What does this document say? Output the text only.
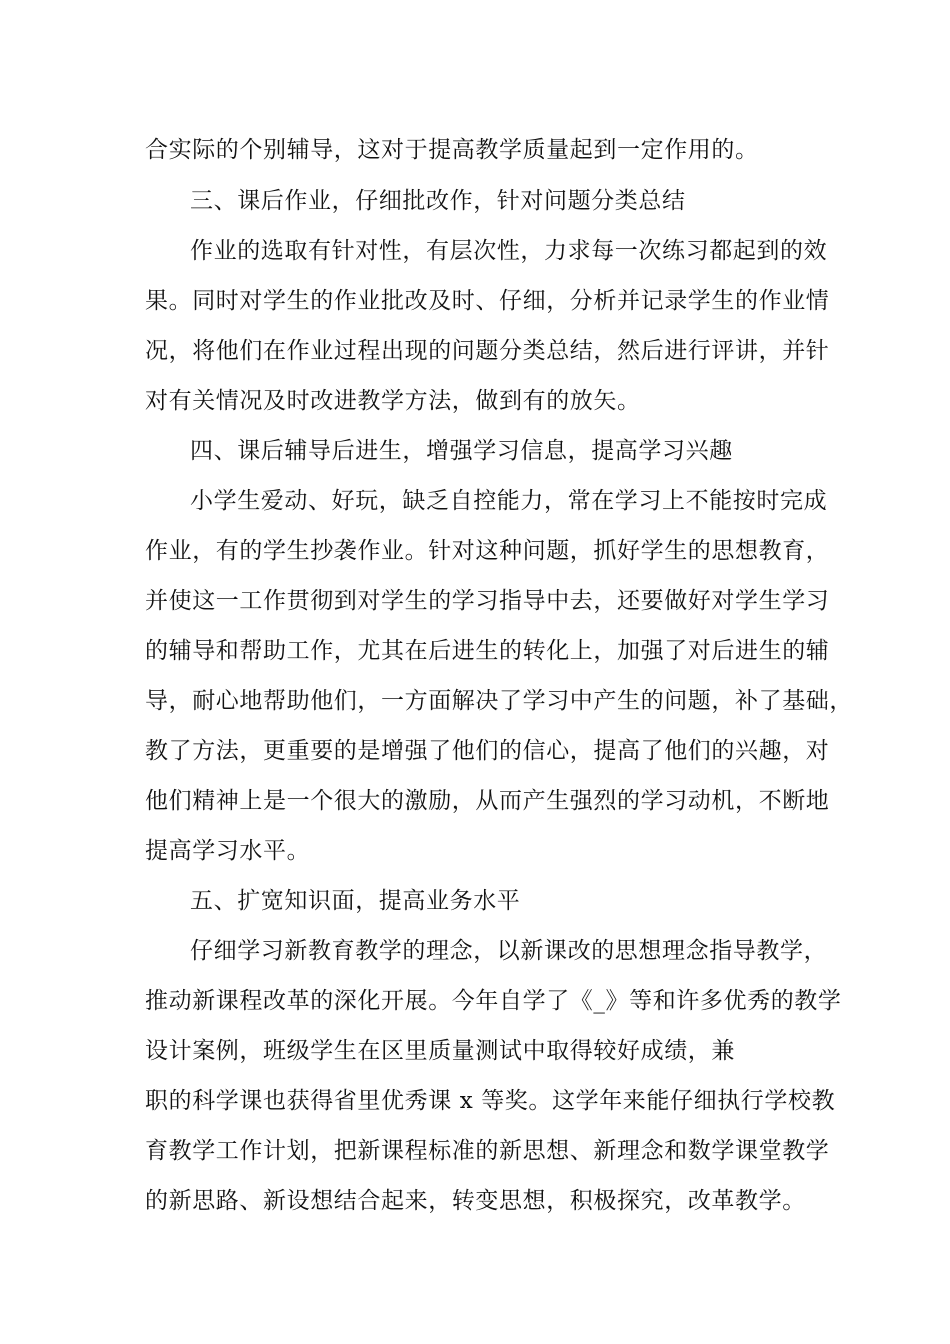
合实际的个别辅导，这对于提高教学质量起到一定作用的。
三、课后作业，仔细批改作，针对问题分类总结
作业的选取有针对性，有层次性，力求每一次练习都起到的效
果。同时对学生的作业批改及时、仔细，分析并记录学生的作业情
况，将他们在作业过程出现的问题分类总结，然后进行评讲，并针
对有关情况及时改进教学方法，做到有的放矢。
四、课后辅导后进生，增强学习信息，提高学习兴趣
小学生爱动、好玩，缺乏自控能力，常在学习上不能按时完成
作业，有的学生抄袭作业。针对这种问题，抓好学生的思想教育，
并使这一工作贯彻到对学生的学习指导中去，还要做好对学生学习
的辅导和帮助工作，尤其在后进生的转化上，加强了对后进生的辅
导，耐心地帮助他们，一方面解决了学习中产生的问题，补了基础，
教了方法，更重要的是增强了他们的信心，提高了他们的兴趣，对
他们精神上是一个很大的激励，从而产生强烈的学习动机，不断地
提高学习水平。
五、扩宽知识面，提高业务水平
仔细学习新教育教学的理念，以新课改的思想理念指导教学，
推动新课程改革的深化开展。今年自学了《_》等和许多优秀的教学
设计案例，班级学生在区里质量测试中取得较好成绩，兼
职的科学课也获得省里优秀课 x 等奖。这学年来能仔细执行学校教
育教学工作计划，把新课程标准的新思想、新理念和数学课堂教学
的新思路、新设想结合起来，转变思想，积极探究，改革教学。
